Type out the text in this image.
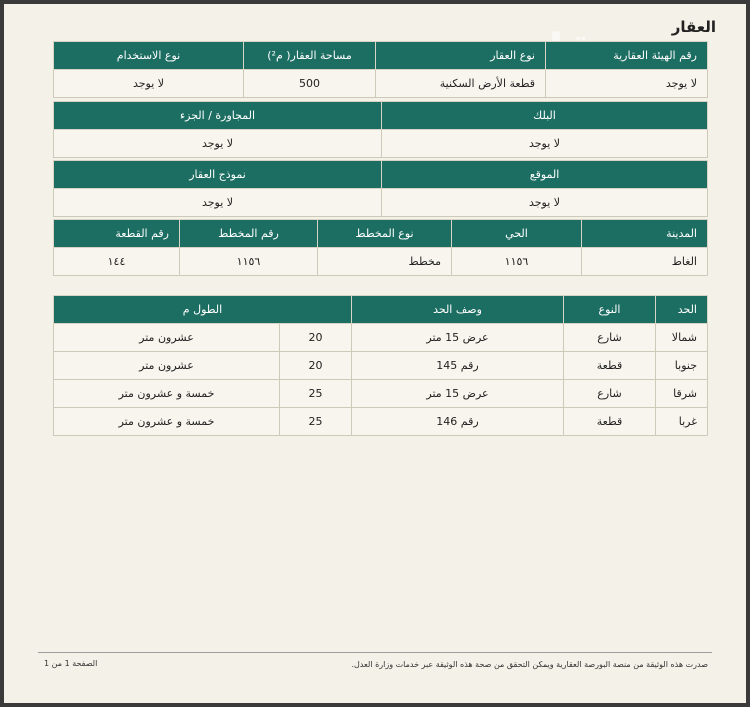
العقار
رقم الهيئة العقارية	نوع العقار	مساحة العقار( م²)	نوع الاستخدام
لا يوجد	قطعة الأرض السكنية	500	لا يوجد
البلك	المجاورة / الجزء
لا يوجد	لا يوجد
الموقع	نموذج العقار
لا يوجد	لا يوجد
المدينة	الحي	نوع المخطط	رقم المخطط	رقم القطعة
الغاط	١١٥٦	مخطط	١١٥٦	١٤٤
الحد	النوع	وصف الحد	الطول م	
شمالا	شارع	عرض 15 متر	20	عشرون متر
جنوبا	قطعة	رقم 145	20	عشرون متر
شرقا	شارع	عرض 15 متر	25	خمسة و عشرون متر
غربا	قطعة	رقم 146	25	خمسة و عشرون متر
صدرت هذه الوثيقة من منصة البورصة العقارية ويمكن التحقق من صحة هذه الوثيقة عبر خدمات وزارة العدل.
الصفحة 1 من 1
